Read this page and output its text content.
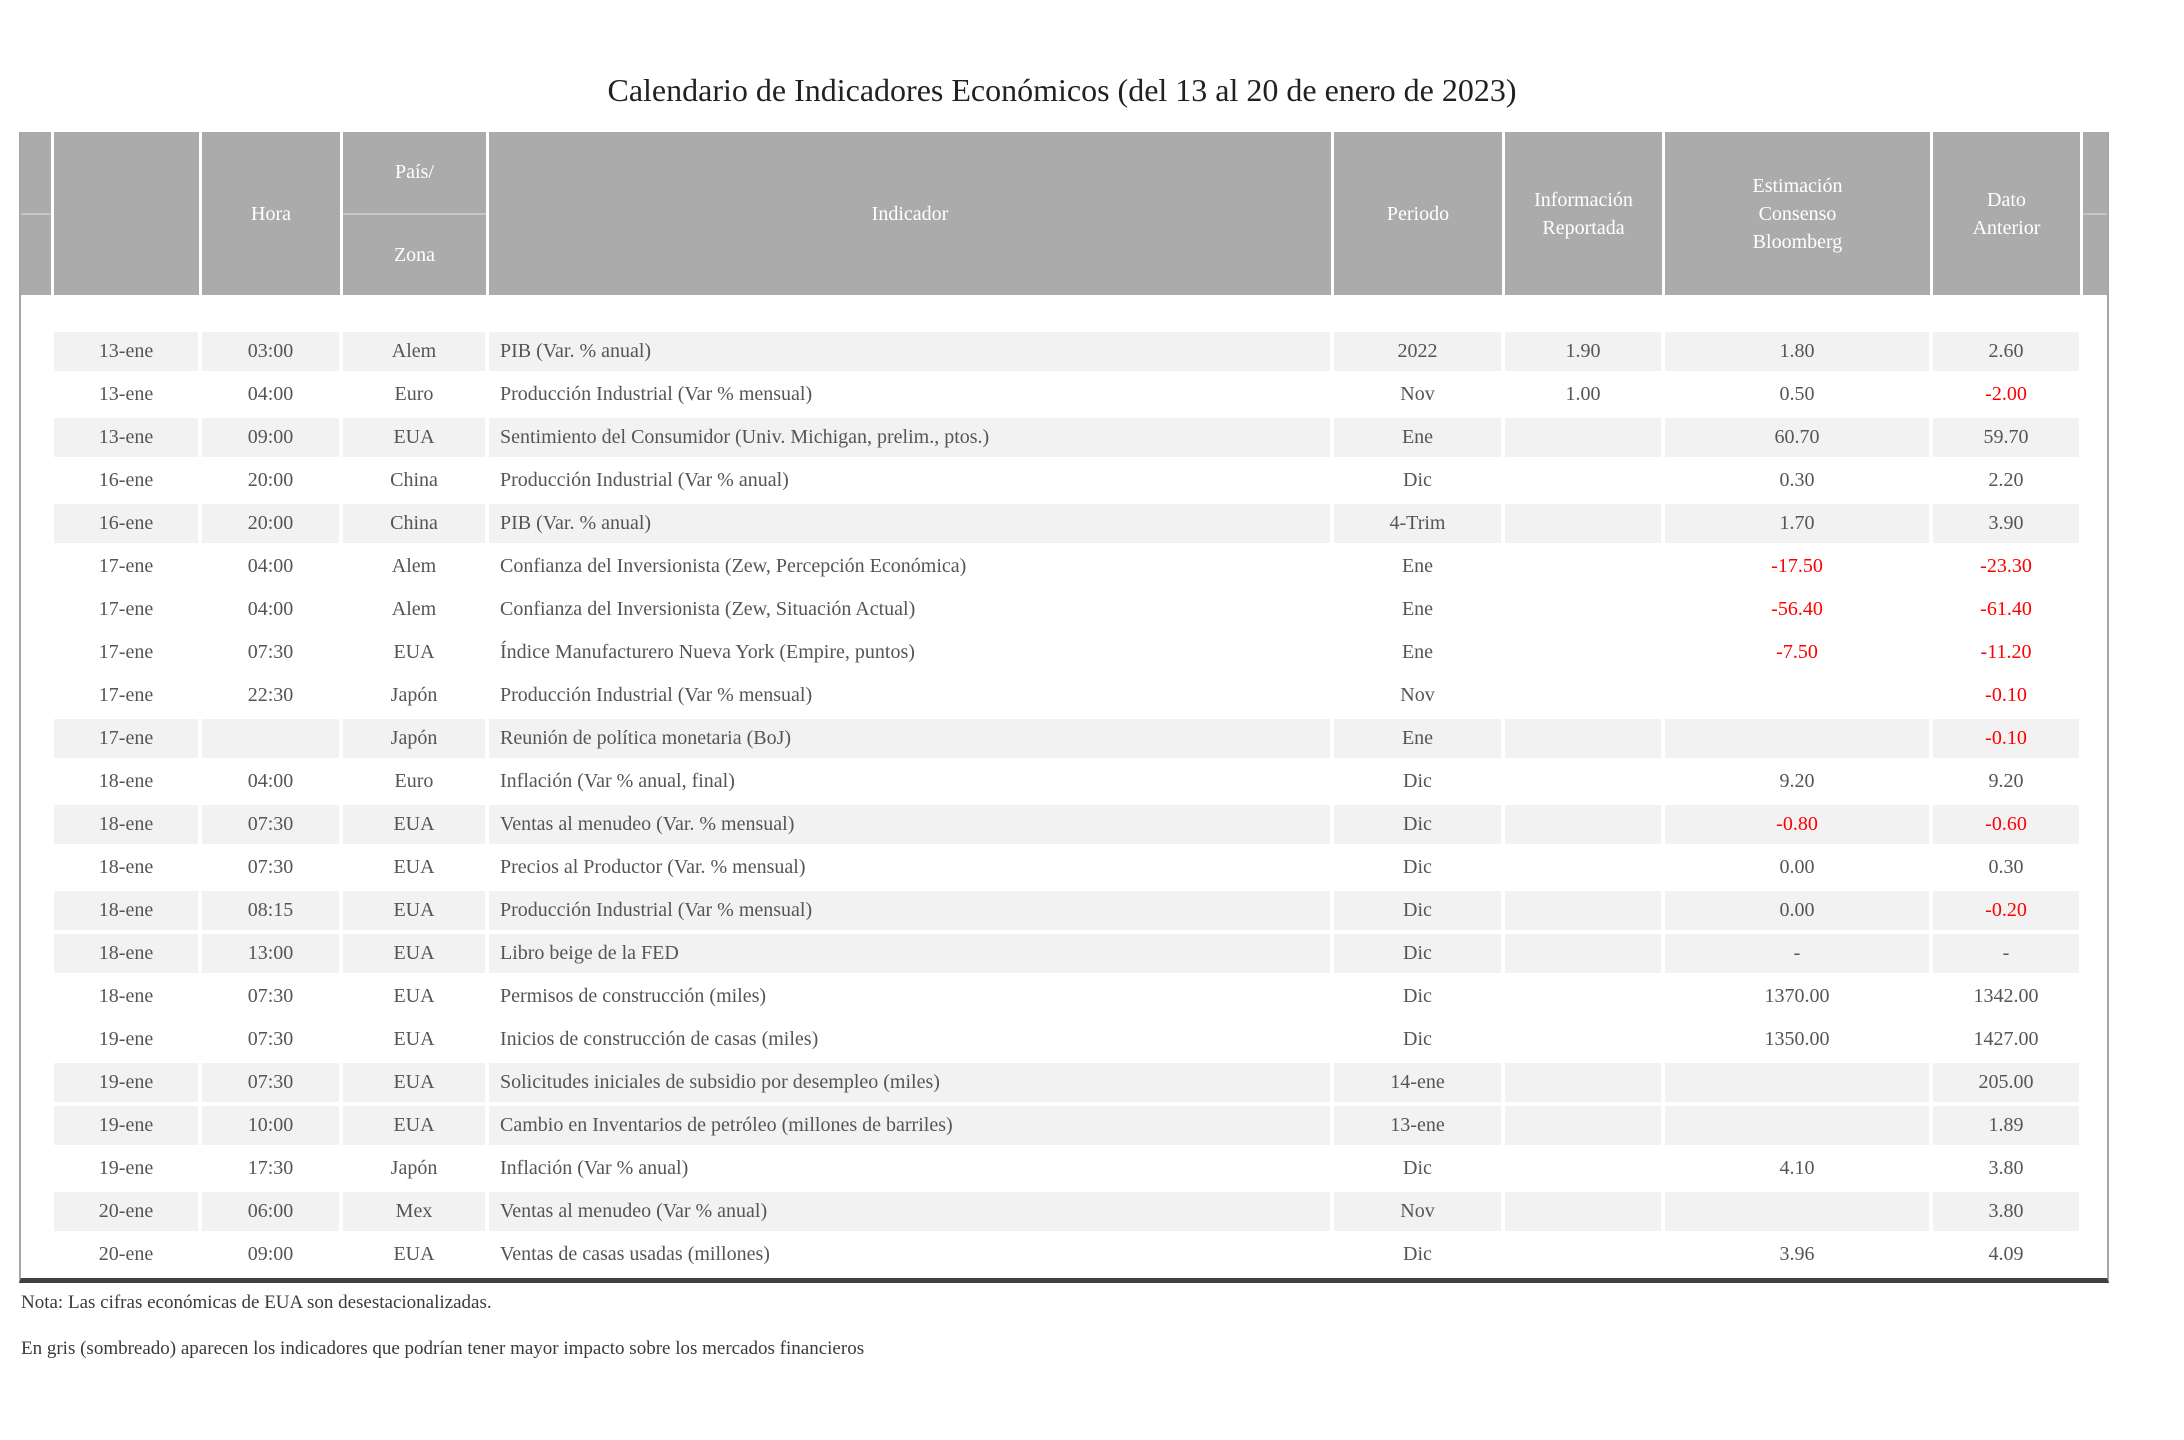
Calendario de Indicadores Económicos (del 13 al 20 de enero de 2023)

		Hora	País/
Zona	Indicador	Periodo	Información Reportada	Estimación Consenso Bloomberg	Dato Anterior	

	13-ene	03:00	Alem	PIB (Var. % anual)	2022	1.90	1.80	2.60	
	13-ene	04:00	Euro	Producción Industrial (Var % mensual)	Nov	1.00	0.50	-2.00	
	13-ene	09:00	EUA	Sentimiento del Consumidor (Univ. Michigan, prelim., ptos.)	Ene		60.70	59.70	
	16-ene	20:00	China	Producción Industrial (Var % anual)	Dic		0.30	2.20	
	16-ene	20:00	China	PIB (Var. % anual)	4-Trim		1.70	3.90	
	17-ene	04:00	Alem	Confianza del Inversionista (Zew, Percepción Económica)	Ene		-17.50	-23.30	
	17-ene	04:00	Alem	Confianza del Inversionista (Zew, Situación Actual)	Ene		-56.40	-61.40	
	17-ene	07:30	EUA	Índice Manufacturero Nueva York (Empire, puntos)	Ene		-7.50	-11.20	
	17-ene	22:30	Japón	Producción Industrial (Var % mensual)	Nov			-0.10	
	17-ene		Japón	Reunión de política monetaria (BoJ)	Ene			-0.10	
	18-ene	04:00	Euro	Inflación (Var % anual, final)	Dic		9.20	9.20	
	18-ene	07:30	EUA	Ventas al menudeo (Var. % mensual)	Dic		-0.80	-0.60	
	18-ene	07:30	EUA	Precios al Productor (Var. % mensual)	Dic		0.00	0.30	
	18-ene	08:15	EUA	Producción Industrial (Var % mensual)	Dic		0.00	-0.20	
	18-ene	13:00	EUA	Libro beige de la FED	Dic		-	-	
	18-ene	07:30	EUA	Permisos de construcción (miles)	Dic		1370.00	1342.00	
	19-ene	07:30	EUA	Inicios de construcción de casas (miles)	Dic		1350.00	1427.00	
	19-ene	07:30	EUA	Solicitudes iniciales de subsidio por desempleo (miles)	14-ene			205.00	
	19-ene	10:00	EUA	Cambio en Inventarios de petróleo (millones de barriles)	13-ene			1.89	
	19-ene	17:30	Japón	Inflación (Var % anual)	Dic		4.10	3.80	
	20-ene	06:00	Mex	Ventas al menudeo (Var % anual)	Nov			3.80	
	20-ene	09:00	EUA	Ventas de casas usadas (millones)	Dic		3.96	4.09	
Nota: Las cifras económicas de EUA son desestacionalizadas.
En gris (sombreado) aparecen los indicadores que podrían tener mayor impacto sobre los mercados financieros
